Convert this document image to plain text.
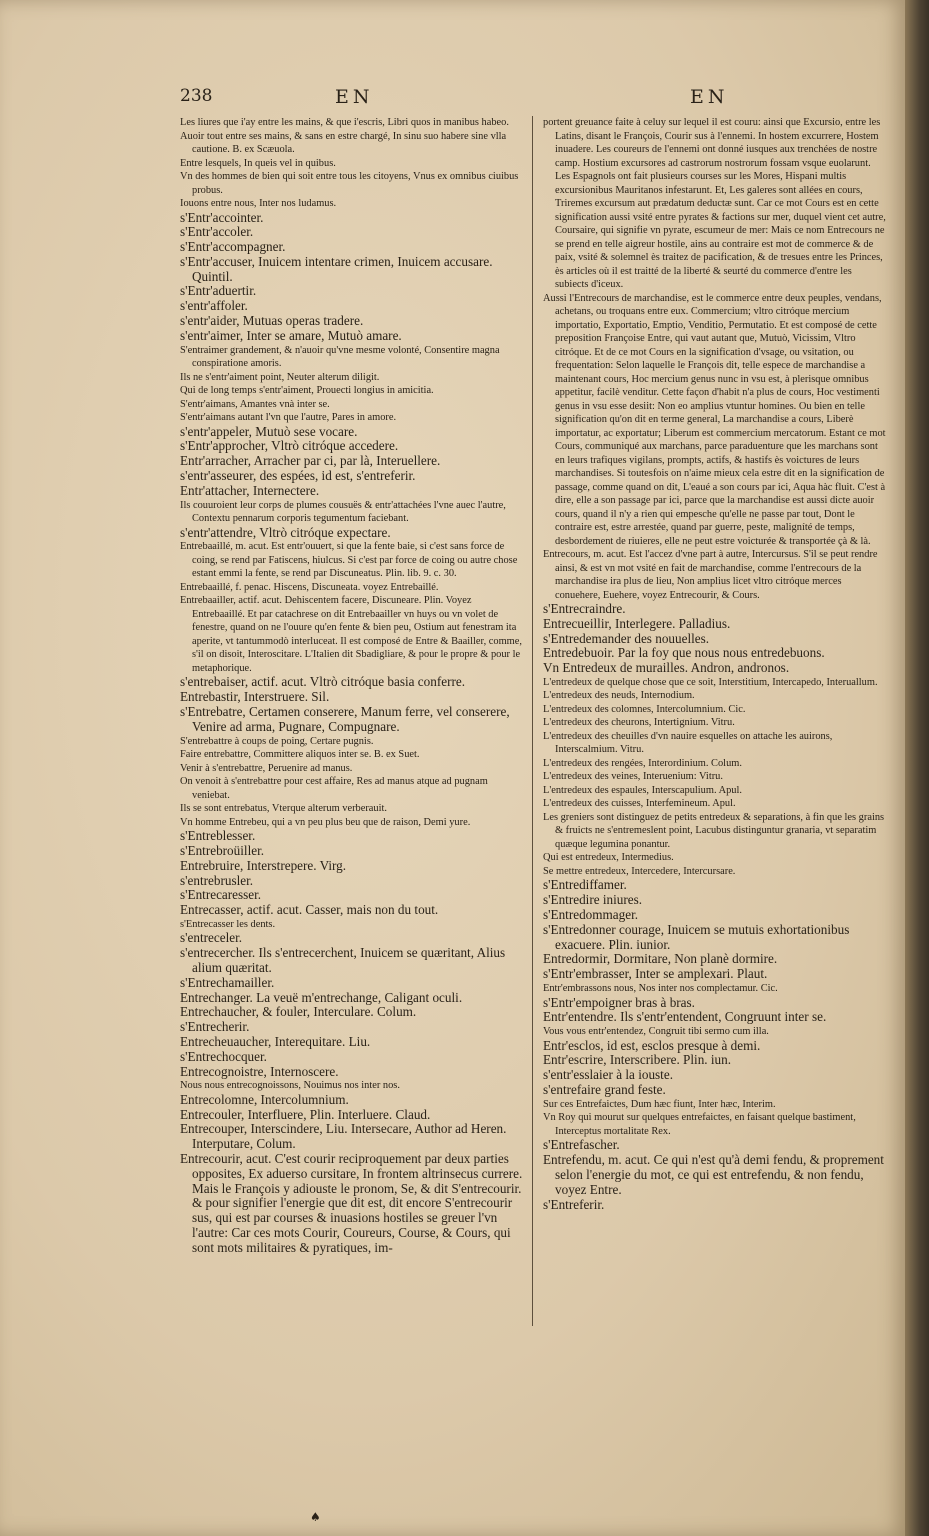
238	EN	EN

Les liures que i'ay entre les mains, & que i'escris, Libri quos in manibus habeo.

Auoir tout entre ses mains, & sans en estre chargé, In sinu suo habere sine vlla cautione. B. ex Scæuola.

Entre lesquels, In queis vel in quibus.

Vn des hommes de bien qui soit entre tous les citoyens, Vnus ex omnibus ciuibus probus.

Iouons entre nous, Inter nos ludamus.

s'Entr'accointer.

s'Entr'accoler.

s'Entr'accompagner.

s'Entr'accuser, Inuicem intentare crimen, Inuicem accusare. Quintil.

s'Entr'aduertir.

s'entr'affoler.

s'entr'aider, Mutuas operas tradere.

s'entr'aimer, Inter se amare, Mutuò amare.

S'entraimer grandement, & n'auoir qu'vne mesme volonté, Consentire magna conspiratione amoris.

Ils ne s'entr'aiment point, Neuter alterum diligit.

Qui de long temps s'entr'aiment, Prouecti longius in amicitia.

S'entr'aimans, Amantes vnà inter se.

S'entr'aimans autant l'vn que l'autre, Pares in amore.

s'entr'appeler, Mutuò sese vocare.

s'Entr'approcher, Vltrò citróque accedere.

Entr'arracher, Arracher par ci, par là, Interuellere.

s'entr'asseurer, des espées, id est, s'entreferir.

Entr'attacher, Internectere.

Ils couuroient leur corps de plumes cousuës & entr'attachées l'vne auec l'autre, Contextu pennarum corporis tegumentum faciebant.

s'entr'attendre, Vltrò citróque expectare.

Entrebaaillé, m. acut. Est entr'ouuert, si que la fente baie, si c'est sans force de coing, se rend par Fatiscens, hiulcus. Si c'est par force de coing ou autre chose estant emmi la fente, se rend par Discuneatus. Plin. lib. 9. c. 30.

Entrebaaillé, f. penac. Hiscens, Discuneata. voyez Entrebaillé.

Entrebaailler, actif. acut. Dehiscentem facere, Discuneare. Plin. Voyez Entrebaaillé. Et par catachrese on dit Entrebaailler vn huys ou vn volet de fenestre, quand on ne l'ouure qu'en fente & bien peu, Ostium aut fenestram ita aperite, vt tantummodò interluceat. Il est composé de Entre & Baailler, comme, s'il on disoit, Interoscitare. L'Italien dit Sbadigliare, & pour le propre & pour le metaphorique.

s'entrebaiser, actif. acut. Vltrò citróque basia conferre.

Entrebastir, Interstruere. Sil.

s'Entrebatre, Certamen conserere, Manum ferre, vel conserere, Venire ad arma, Pugnare, Compugnare.

S'entrebattre à coups de poing, Certare pugnis.

Faire entrebattre, Committere aliquos inter se. B. ex Suet.

Venir à s'entrebattre, Peruenire ad manus.

On venoit à s'entrebattre pour cest affaire, Res ad manus atque ad pugnam veniebat.

Ils se sont entrebatus, Vterque alterum verberauit.

Vn homme Entrebeu, qui a vn peu plus beu que de raison, Demi yure.

s'Entreblesser.

s'Entrebroüiller.

Entrebruire, Interstrepere. Virg.

s'entrebrusler.

s'Entrecaresser.

Entrecasser, actif. acut. Casser, mais non du tout.

s'Entrecasser les dents.

s'entreceler.

s'entrecercher. Ils s'entrecerchent, Inuicem se quæritant, Alius alium quæritat.

s'Entrechamailler.

Entrechanger. La veuë m'entrechange, Caligant oculi.

Entrechaucher, & fouler, Interculare. Colum.

s'Entrecherir.

Entrecheuaucher, Interequitare. Liu.

s'Entrechocquer.

Entrecognoistre, Internoscere.

Nous nous entrecognoissons, Nouimus nos inter nos.

Entrecolomne, Intercolumnium.

Entrecouler, Interfluere, Plin. Interluere. Claud.

Entrecouper, Interscindere, Liu. Intersecare, Author ad Heren. Interputare, Colum.

Entrecourir, acut. C'est courir reciproquement par deux parties opposites, Ex aduerso cursitare, In frontem altrinsecus currere. Mais le François y adiouste le pronom, Se, & dit S'entrecourir. & pour signifier l'energie que dit est, dit encore S'entrecourir sus, qui est par courses & inuasions hostiles se greuer l'vn l'autre: Car ces mots Courir, Coureurs, Course, & Cours, qui sont mots militaires & pyratiques, im-

portent greuance faite à celuy sur lequel il est couru: ainsi que Excursio, entre les Latins, disant le François, Courir sus à l'ennemi. In hostem excurrere, Hostem inuadere. Les coureurs de l'ennemi ont donné iusques aux trenchées de nostre camp. Hostium excursores ad castrorum nostrorum fossam vsque euolarunt. Les Espagnols ont fait plusieurs courses sur les Mores, Hispani multis excursionibus Mauritanos infestarunt. Et, Les galeres sont allées en cours, Triremes excursum aut prædatum deductæ sunt. Car ce mot Cours est en cette signification aussi vsité entre pyrates & factions sur mer, duquel vient cet autre, Coursaire, qui signifie vn pyrate, escumeur de mer: Mais ce nom Entrecours ne se prend en telle aigreur hostile, ains au contraire est mot de commerce & de paix, vsité & solemnel ès traitez de pacification, & de tresues entre les Princes, ès articles où il est traitté de la liberté & seurté du commerce d'entre les subiects d'iceux.

Aussi l'Entrecours de marchandise, est le commerce entre deux peuples, vendans, achetans, ou troquans entre eux. Commercium; vltro citróque mercium importatio, Exportatio, Emptio, Venditio, Permutatio. Et est composé de cette preposition Françoise Entre, qui vaut autant que, Mutuò, Vicissim, Vltro citróque. Et de ce mot Cours en la signification d'vsage, ou vsitation, ou frequentation: Selon laquelle le François dit, telle espece de marchandise a maintenant cours, Hoc mercium genus nunc in vsu est, à plerisque omnibus appetitur, facilè venditur. Cette façon d'habit n'a plus de cours, Hoc vestimenti genus in vsu esse desiit: Non eo amplius vtuntur homines. Ou bien en telle signification qu'on dit en terme general, La marchandise a cours, Liberè importatur, ac exportatur; Liberum est commercium mercatorum. Estant ce mot Cours, communiqué aux marchans, parce paraduenture que les marchans sont en leurs trafiques vigilans, prompts, actifs, & hastifs ès voictures de leurs marchandises. Si toutesfois on n'aime mieux cela estre dit en la signification de passage, comme quand on dit, L'eaué a son cours par ici, Aqua hàc fluit. C'est à dire, elle a son passage par ici, parce que la marchandise est aussi dicte auoir cours, quand il n'y a rien qui empesche qu'elle ne passe par tout, Dont le contraire est, estre arrestée, quand par guerre, peste, maligníté de temps, desbordement de riuieres, elle ne peut estre voicturée & transportée çà & là.

Entrecours, m. acut. Est l'accez d'vne part à autre, Intercursus. S'il se peut rendre ainsi, & est vn mot vsité en fait de marchandise, comme l'entrecours de la marchandise ira plus de lieu, Non amplius licet vltro citróque merces conuehere, Euehere, voyez Entrecourir, & Cours.

s'Entrecraindre.

Entrecueillir, Interlegere. Palladius.

s'Entredemander des nouuelles.

Entredebuoir. Par la foy que nous nous entredebuons.

Vn Entredeux de murailles. Andron, andronos.

L'entredeux de quelque chose que ce soit, Interstitium, Intercapedo, Interuallum.

L'entredeux des neuds, Internodium.

L'entredeux des colomnes, Intercolumnium. Cic.

L'entredeux des cheurons, Intertignium. Vitru.

L'entredeux des cheuilles d'vn nauire esquelles on attache les auirons, Interscalmium. Vitru.

L'entredeux des rengées, Interordinium. Colum.

L'entredeux des veines, Interuenium: Vitru.

L'entredeux des espaules, Interscapulium. Apul.

L'entredeux des cuisses, Interfemineum. Apul.

Les greniers sont distinguez de petits entredeux & separations, à fin que les grains & fruicts ne s'entremeslent point, Lacubus distinguntur granaria, vt separatim quæque legumina ponantur.

Qui est entredeux, Intermedius.

Se mettre entredeux, Intercedere, Intercursare.

s'Entrediffamer.

s'Entredire iniures.

s'Entredommager.

s'Entredonner courage, Inuicem se mutuis exhortationibus exacuere. Plin. iunior.

Entredormir, Dormitare, Non planè dormire.

s'Entr'embrasser, Inter se amplexari. Plaut.

Entr'embrassons nous, Nos inter nos complectamur. Cic.

s'Entr'empoigner bras à bras.

Entr'entendre. Ils s'entr'entendent, Congruunt inter se.

Vous vous entr'entendez, Congruit tibi sermo cum illa.

Entr'esclos, id est, esclos presque à demi.

Entr'escrire, Interscribere. Plin. iun.

s'entr'esslaier à la iouste.

s'entrefaire grand feste.

Sur ces Entrefaictes, Dum hæc fiunt, Inter hæc, Interim.

Vn Roy qui mourut sur quelques entrefaictes, en faisant quelque bastiment, Interceptus mortalitate Rex.

s'Entrefascher.

Entrefendu, m. acut. Ce qui n'est qu'à demi fendu, & proprement selon l'energie du mot, ce qui est entrefendu, & non fendu, voyez Entre.

s'Entreferir.

♠
